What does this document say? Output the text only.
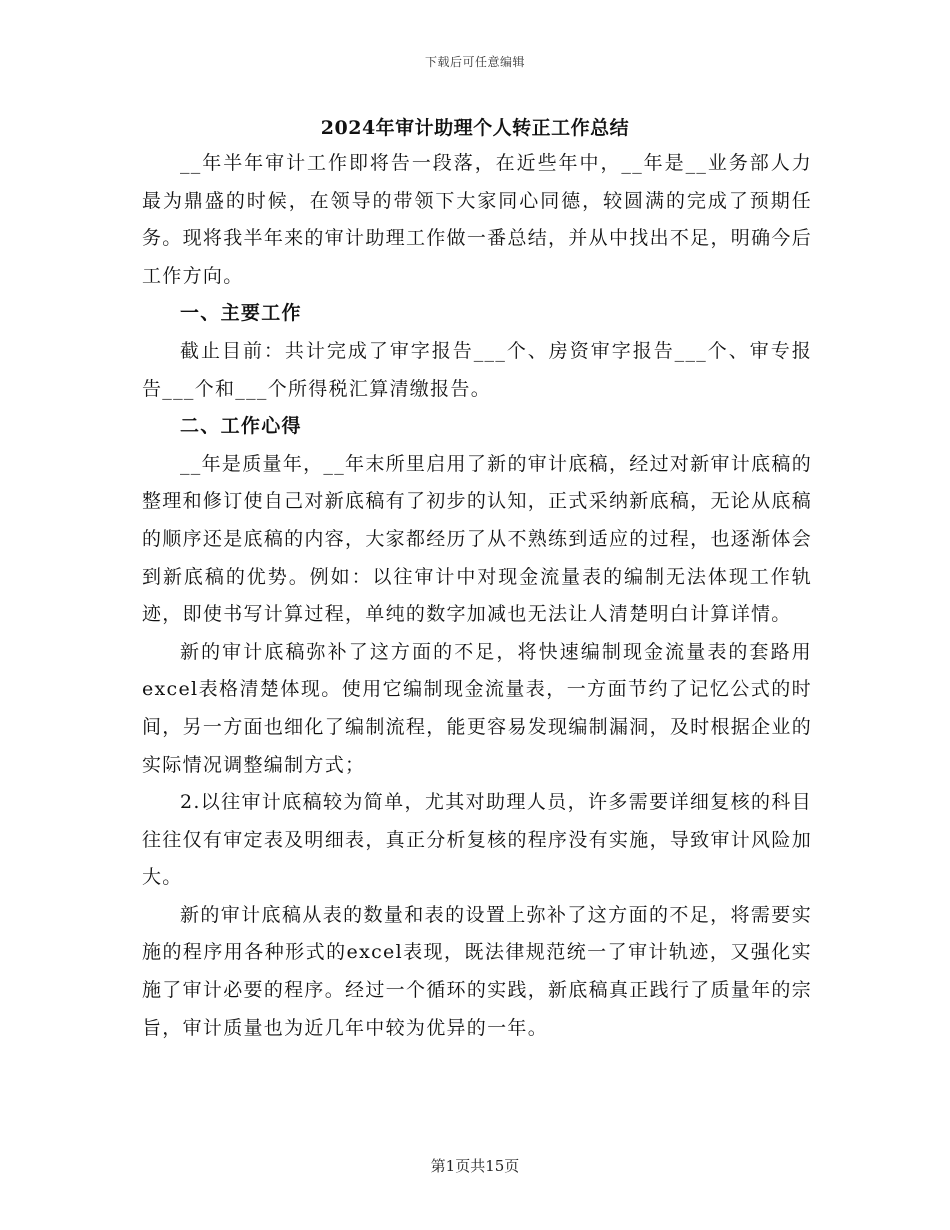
下载后可任意编辑
2024年审计助理个人转正工作总结

__年半年审计工作即将告一段落，在近些年中，__年是__业务部人力最为鼎盛的时候，在领导的带领下大家同心同德，较圆满的完成了预期任务。现将我半年来的审计助理工作做一番总结，并从中找出不足，明确今后工作方向。

一、主要工作

截止目前：共计完成了审字报告___个、房资审字报告___个、审专报告___个和___个所得税汇算清缴报告。

二、工作心得

__年是质量年，__年末所里启用了新的审计底稿，经过对新审计底稿的整理和修订使自己对新底稿有了初步的认知，正式采纳新底稿，无论从底稿的顺序还是底稿的内容，大家都经历了从不熟练到适应的过程，也逐渐体会到新底稿的优势。例如：以往审计中对现金流量表的编制无法体现工作轨迹，即使书写计算过程，单纯的数字加减也无法让人清楚明白计算详情。

新的审计底稿弥补了这方面的不足，将快速编制现金流量表的套路用excel表格清楚体现。使用它编制现金流量表，一方面节约了记忆公式的时间，另一方面也细化了编制流程，能更容易发现编制漏洞，及时根据企业的实际情况调整编制方式；

2.以往审计底稿较为简单，尤其对助理人员，许多需要详细复核的科目往往仅有审定表及明细表，真正分析复核的程序没有实施，导致审计风险加大。

新的审计底稿从表的数量和表的设置上弥补了这方面的不足，将需要实施的程序用各种形式的excel表现，既法律规范统一了审计轨迹，又强化实施了审计必要的程序。经过一个循环的实践，新底稿真正践行了质量年的宗旨，审计质量也为近几年中较为优异的一年。

第1页共15页
